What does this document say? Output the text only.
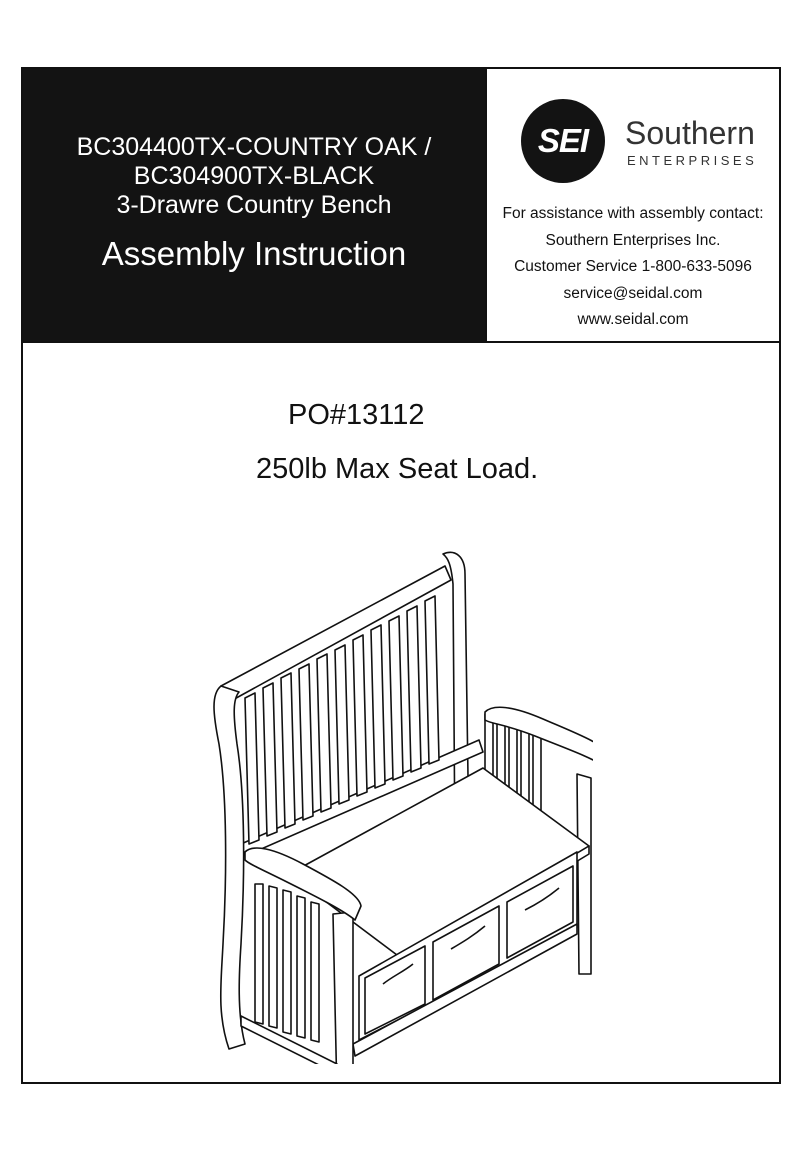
BC304400TX-COUNTRY OAK /
BC304900TX-BLACK
3-Drawre Country Bench
Assembly Instruction
SEI	Southern
ENTERPRISES
For assistance with assembly contact:
Southern Enterprises Inc.
Customer Service 1-800-633-5096
service@seidal.com
www.seidal.com
PO#13112
250lb Max Seat Load.
